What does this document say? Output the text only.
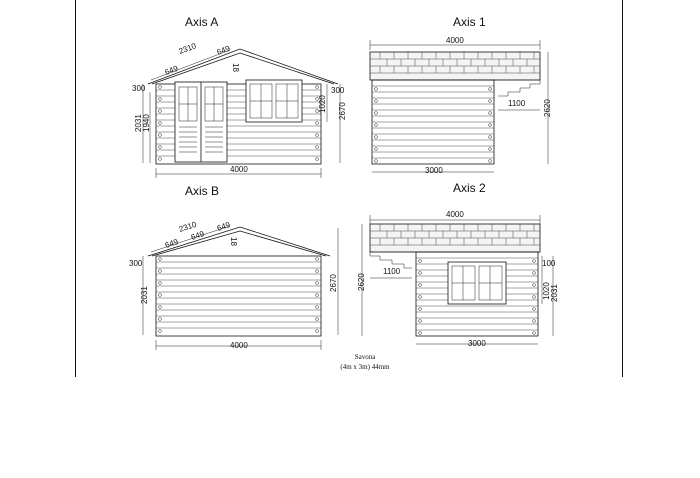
Axis A
2310
649
649
18
300
2031 1940
1020
300
2670
4000
Axis 1
4000
1100 2620
3000
Axis B
2310
649
649
649
18
300
2031
2670
4000
Axis 2
4000
1100
2620
100
1020 2031
3000
Savona
(4m x 3m) 44mm
